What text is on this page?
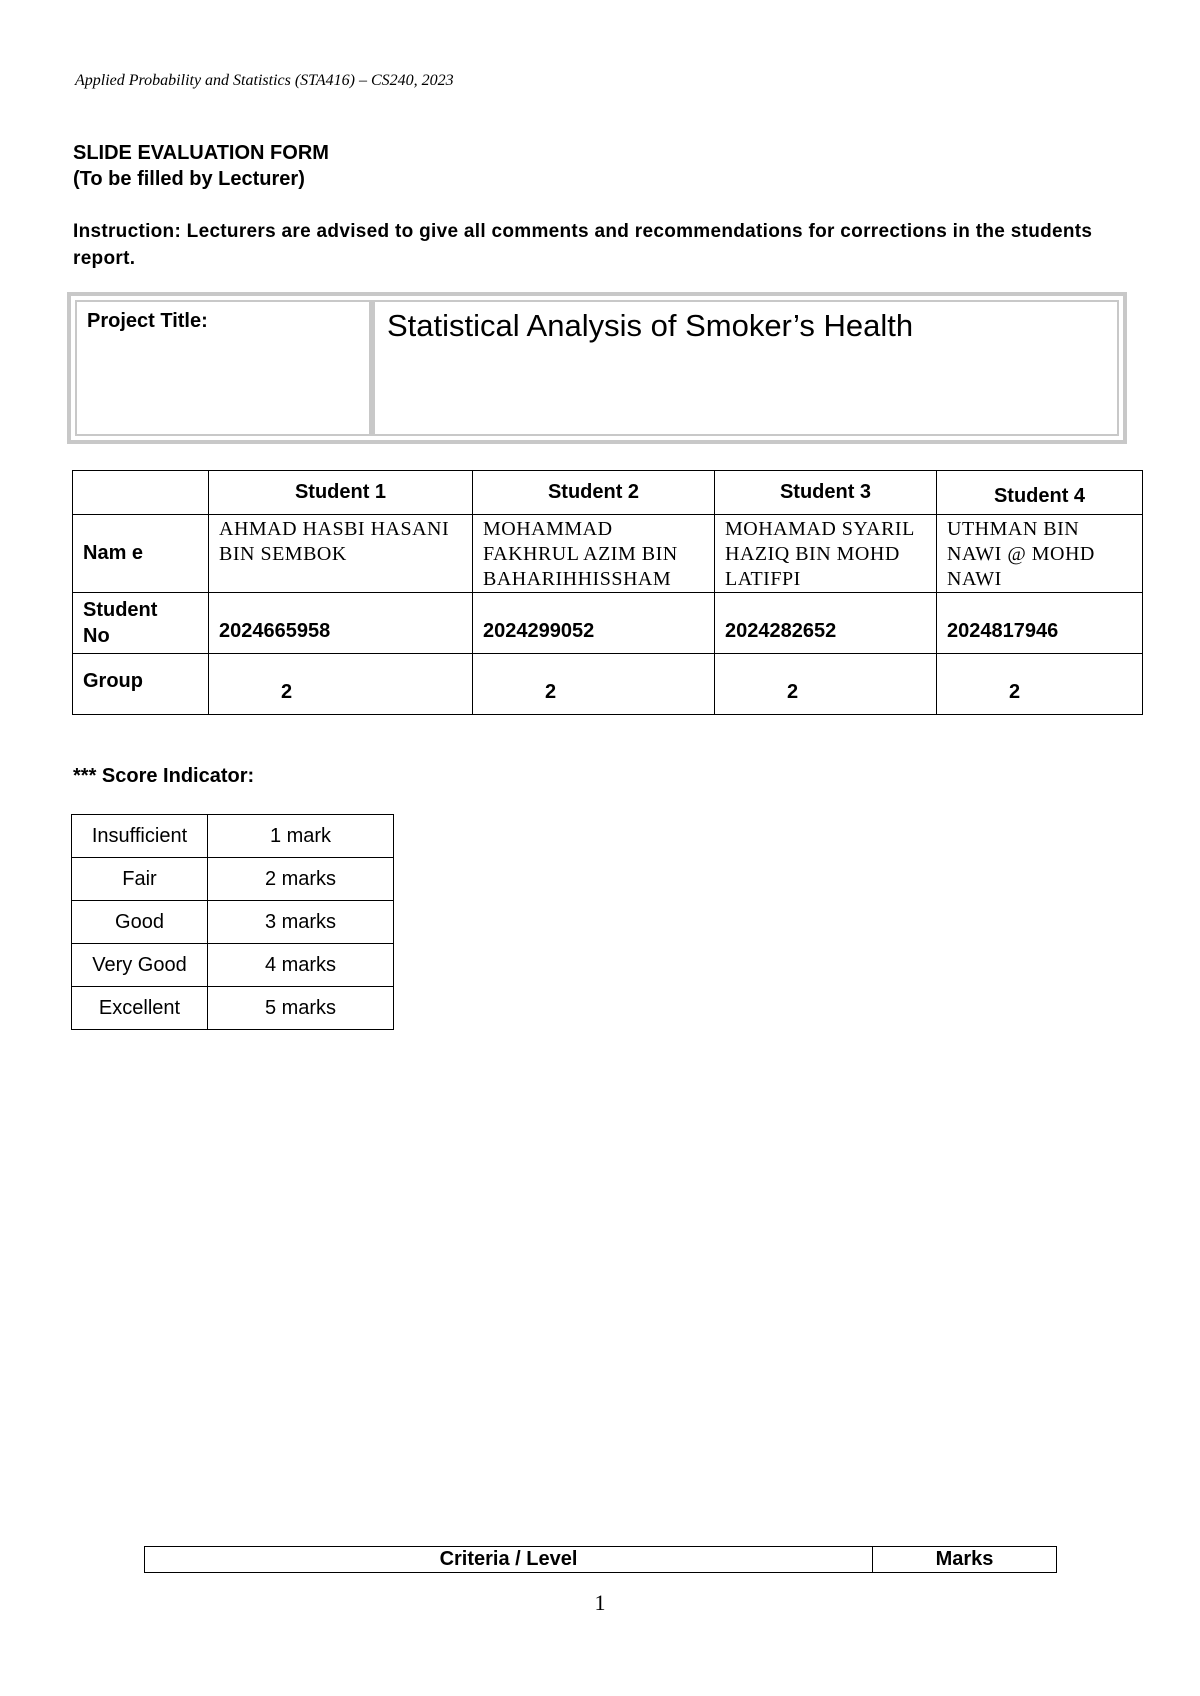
Applied Probability and Statistics (STA416) – CS240, 2023
SLIDE EVALUATION FORM
(To be filled by Lecturer)
Instruction: Lecturers are advised to give all comments and recommendations for corrections in the students report.
Project Title:	Statistical Analysis of Smoker’s Health
	Student 1	Student 2	Student 3	Student 4
Nam e	AHMAD HASBI HASANI BIN SEMBOK	MOHAMMAD FAKHRUL AZIM BIN BAHARIHHISSHAM	MOHAMAD SYARIL HAZIQ BIN MOHD LATIFPI	UTHMAN BIN NAWI @ MOHD NAWI

Student
No	2024665958	2024299052	2024282652	2024817946
Group	2	2	2	2
*** Score Indicator:
Insufficient	1 mark
Fair	2 marks
Good	3 marks
Very Good	4 marks
Excellent	5 marks
Criteria / Level	Marks
1
